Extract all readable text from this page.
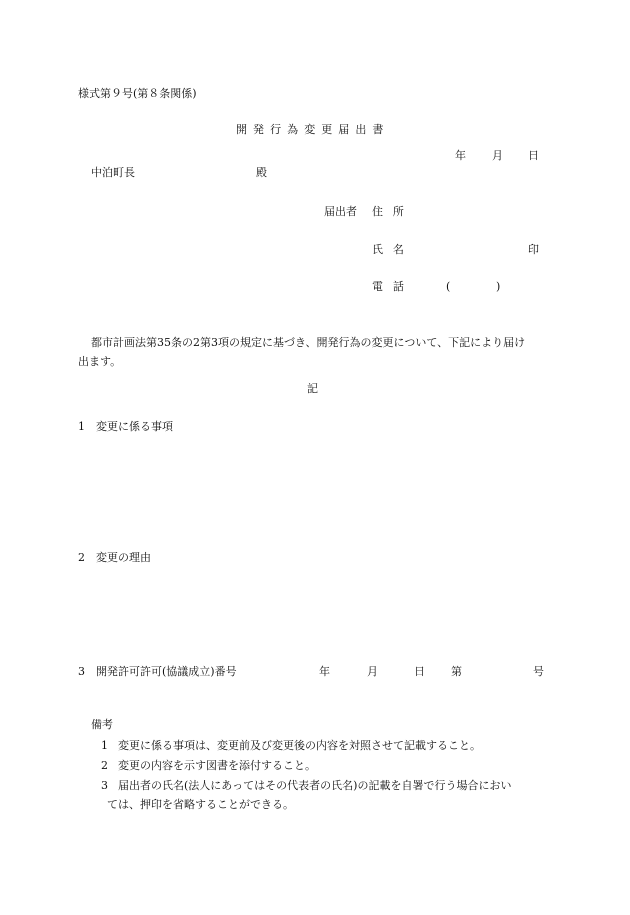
様式第９号(第８条関係)
開発行為変更届出書
年 月 日
中泊町長	殿
届出者 住所
氏名	印
電話	(	)
都市計画法第35条の2第3項の規定に基づき、開発行為の変更について、下記により届け
出ます。
記
1 変更に係る事項
2 変更の理由
3 開発許可許可(協議成立)番号	年	月	日 第	号
備考
1 変更に係る事項は、変更前及び変更後の内容を対照させて記載すること。
2 変更の内容を示す図書を添付すること。
3 届出者の氏名(法人にあってはその代表者の氏名)の記載を自署で行う場合におい
ては、押印を省略することができる。
